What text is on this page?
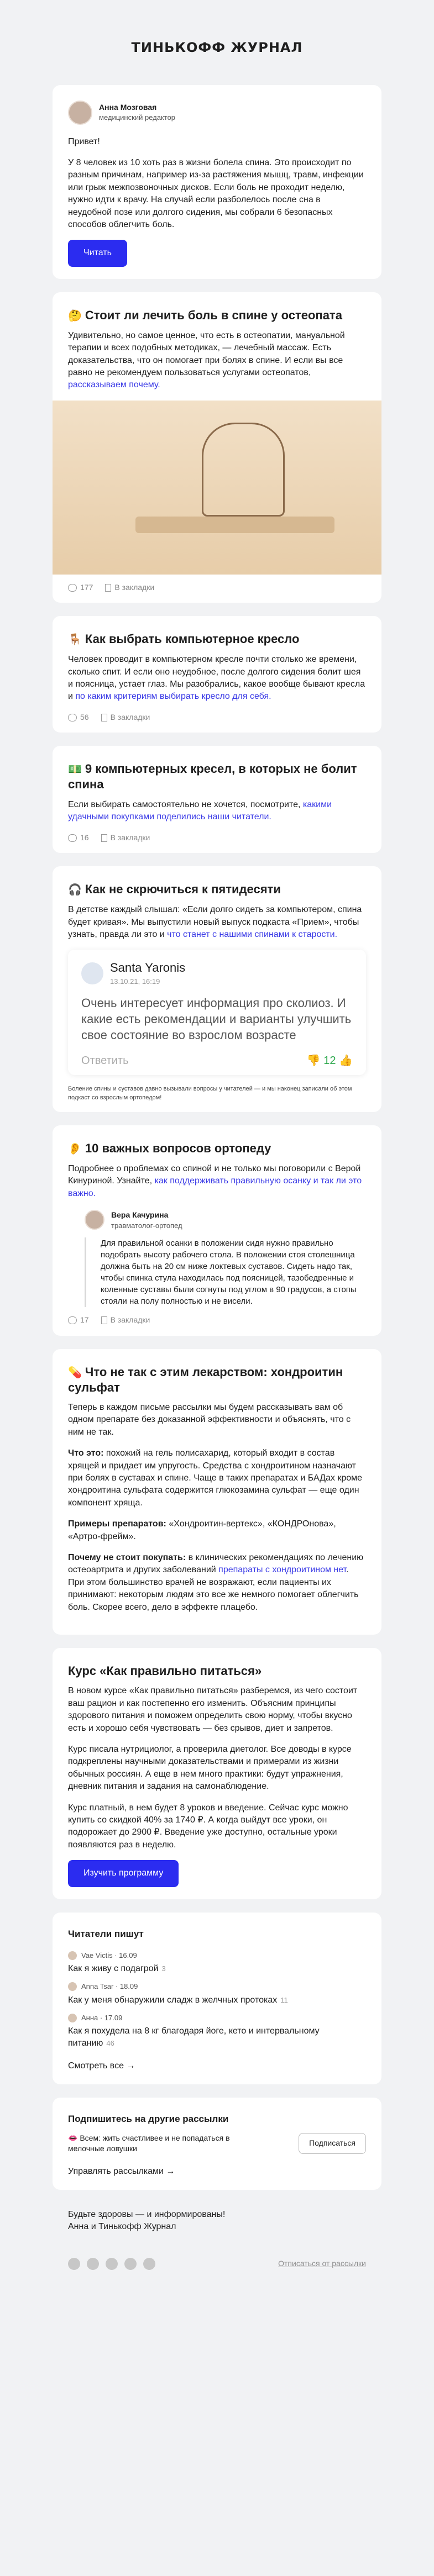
ТИНЬКОФФ ЖУРНАЛ
Анна Мозговая
медицинский редактор

Привет!

У 8 человек из 10 хоть раз в жизни болела спина. Это происходит по разным причинам, например из-за растяжения мышц, травм, инфекции или грыж межпозвоночных дисков. Если боль не проходит неделю, нужно идти к врачу. На случай если разболелось после сна в неудобной позе или долгого сидения, мы собрали 6 безопасных способов облегчить боль.

Читать
🤔 Стоит ли лечить боль в спине у остеопата

Удивительно, но самое ценное, что есть в остеопатии, мануальной терапии и всех подобных методиках, — лечебный массаж. Есть доказательства, что он помогает при болях в спине. И если вы все равно не рекомендуем пользоваться услугами остеопатов, рассказываем почему.

177	В закладки
🪑 Как выбрать компьютерное кресло

Человек проводит в компьютерном кресле почти столько же времени, сколько спит. И если оно неудобное, после долгого сидения болит шея и поясница, устает глаз. Мы разобрались, какое вообще бывают кресла и по каким критериям выбирать кресло для себя.

56	В закладки
💵 9 компьютерных кресел, в которых не болит спина

Если выбирать самостоятельно не хочется, посмотрите, какими удачными покупками поделились наши читатели.

16	В закладки
🎧 Как не скрючиться к пятидесяти

В детстве каждый слышал: «Если долго сидеть за компьютером, спина будет кривая». Мы выпустили новый выпуск подкаста «Прием», чтобы узнать, правда ли это и что станет с нашими спинами к старости.

Santa Yaronis
13.10.21, 16:19
Очень интересует информация про сколиоз. И какие есть рекомендации и варианты улучшить свое состояние во взрослом возрасте
Ответить	👎 12 👍
Боление спины и суставов давно вызывали вопросы у читателей — и мы наконец записали об этом подкаст со взрослым ортопедом!
👂 10 важных вопросов ортопеду

Подробнее о проблемах со спиной и не только мы поговорили с Верой Кинуриной. Узнайте, как поддерживать правильную осанку и так ли это важно.

Вера Качурина
травматолог-ортопед
Для правильной осанки в положении сидя нужно правильно подобрать высоту рабочего стола. В положении стоя столешница должна быть на 20 см ниже локтевых суставов. Сидеть надо так, чтобы спинка стула находилась под поясницей, тазобедренные и коленные суставы были согнуты под углом в 90 градусов, а стопы стояли на полу полностью и не висели.
17	В закладки
💊 Что не так с этим лекарством: хондроитин сульфат

Теперь в каждом письме рассылки мы будем рассказывать вам об одном препарате без доказанной эффективности и объяснять, что с ним не так.

Что это: похожий на гель полисахарид, который входит в состав хрящей и придает им упругость. Средства с хондроитином назначают при болях в суставах и спине. Чаще в таких препаратах и БАДах кроме хондроитина сульфата содержится глюкозамина сульфат — еще один компонент хряща.

Примеры препаратов: «Хондроитин-вертекс», «КОНДРОнова», «Артро-фрейм».

Почему не стоит покупать: в клинических рекомендациях по лечению остеоартрита и других заболеваний препараты с хондроитином нет. При этом большинство врачей не возражают, если пациенты их принимают: некоторым людям это все же немного помогает облегчить боль. Скорее всего, дело в эффекте плацебо.

Курс «Как правильно питаться»

В новом курсе «Как правильно питаться» разберемся, из чего состоит ваш рацион и как постепенно его изменить. Объясним принципы здорового питания и поможем определить свою норму, чтобы вкусно есть и хорошо себя чувствовать — без срывов, диет и запретов.

Курс писала нутрициолог, а проверила диетолог. Все доводы в курсе подкреплены научными доказательствами и примерами из жизни обычных россиян. А еще в нем много практики: будут упражнения, дневник питания и задания на самонаблюдение.

Курс платный, в нем будет 8 уроков и введение. Сейчас курс можно купить со скидкой 40% за 1740 ₽. А когда выйдут все уроки, он подорожает до 2900 ₽. Введение уже доступно, остальные уроки появляются раз в неделю.

Изучить программу
Читатели пишут
Vae Victis · 16.09
Как я живу с подагрой 3
Anna Tsar · 18.09
Как у меня обнаружили сладж в желчных протоках 11
Анна · 17.09
Как я похудела на 8 кг благодаря йоге, кето и интервальному питанию 46
Смотреть все →
Подпишитесь на другие рассылки
👄 Всем: жить счастливее и не попадаться в мелочные ловушки
Подписаться
Управлять рассылками →
Будьте здоровы — и информированы!
Анна и Тинькофф Журнал
Отписаться от рассылки
